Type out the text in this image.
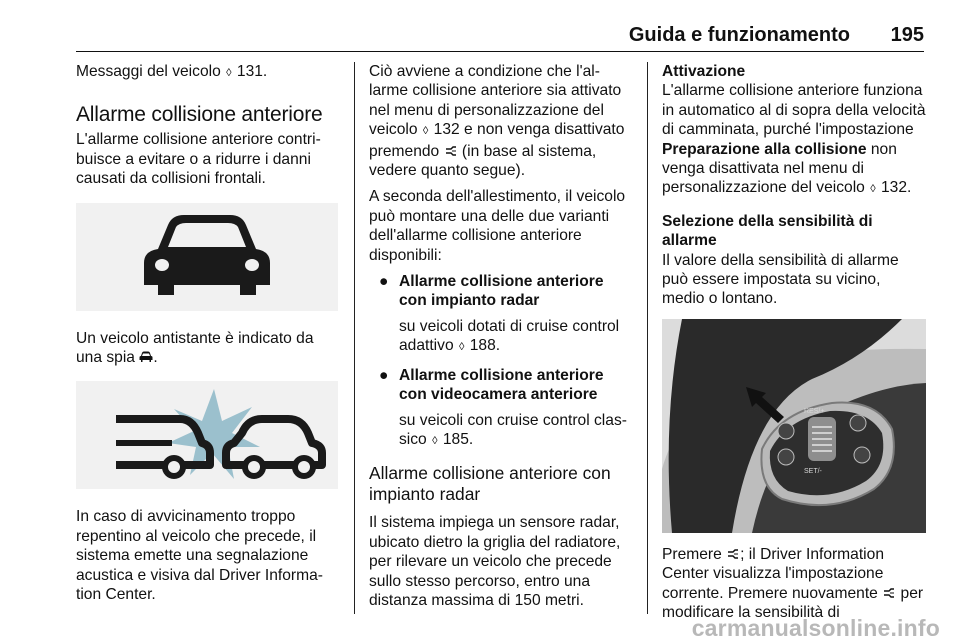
Guida e funzionamento 195

Messaggi del veicolo ◊ 131.

Allarme collisione anteriore

L'allarme collisione anteriore contri- buisce a evitare o a ridurre i danni causati da collisioni frontali.

Un veicolo antistante è indicato da una spia .

In caso di avvicinamento troppo repentino al veicolo che precede, il sistema emette una segnalazione acustica e visiva dal Driver Informa- tion Center.

Ciò avviene a condizione che l'al- larme collisione anteriore sia attivato nel menu di personalizzazione del veicolo ◊ 132 e non venga disattivato premendo (in base al sistema, vedere quanto segue).

A seconda dell'allestimento, il veicolo può montare una delle due varianti dell'allarme collisione anteriore disponibili:

● Allarme collisione anteriore con impianto radar

su veicoli dotati di cruise control adattivo ◊ 188.

● Allarme collisione anteriore con videocamera anteriore

su veicoli con cruise control clas- sico ◊ 185.

Allarme collisione anteriore con impianto radar

Il sistema impiega un sensore radar, ubicato dietro la griglia del radiatore, per rilevare un veicolo che precede sullo stesso percorso, entro una distanza massima di 150 metri.

Attivazione

L'allarme collisione anteriore funziona in automatico al di sopra della velocità di camminata, purché l'impostazione Preparazione alla collisione non venga disattivata nel menu di personalizzazione del veicolo ◊ 132.

Selezione della sensibilità di allarme

Il valore della sensibilità di allarme può essere impostata su vicino, medio o lontano.

RES/+
SET/-

Premere ; il Driver Information Center visualizza l'impostazione corrente. Premere nuovamente per modificare la sensibilità di

carmanualsonline.info
